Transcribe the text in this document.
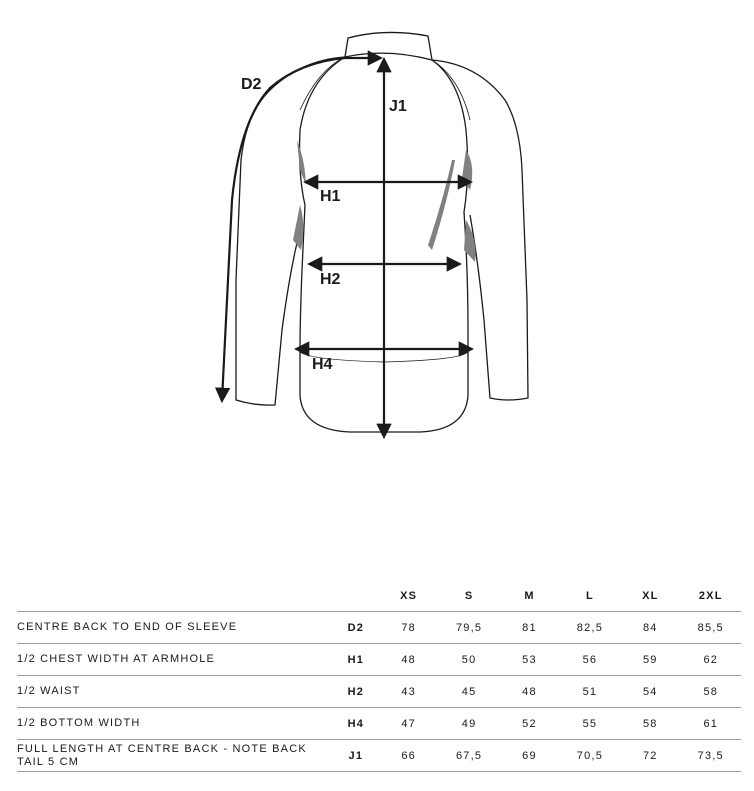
D2
J1
H1
H2
H4
		XS	S	M	L	XL	2XL
CENTRE BACK TO END OF SLEEVE	D2	78	79,5	81	82,5	84	85,5
1/2 CHEST WIDTH AT ARMHOLE	H1	48	50	53	56	59	62
1/2 WAIST	H2	43	45	48	51	54	58
1/2 BOTTOM WIDTH	H4	47	49	52	55	58	61
FULL LENGTH AT CENTRE BACK - NOTE BACK TAIL 5 CM	J1	66	67,5	69	70,5	72	73,5
